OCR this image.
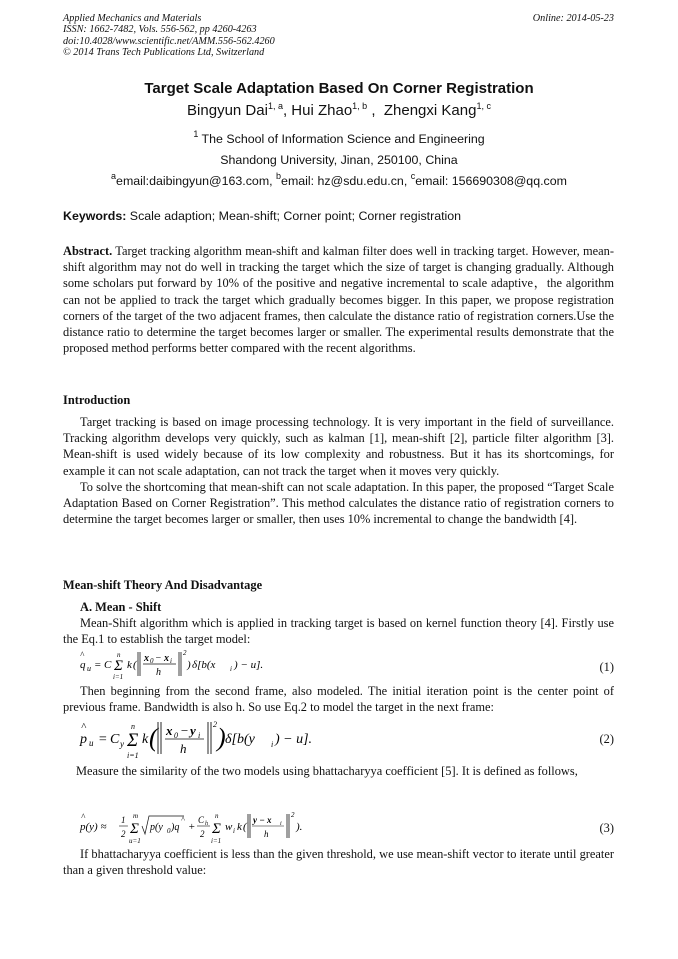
Applied Mechanics and Materials
ISSN: 1662-7482, Vols. 556-562, pp 4260-4263
doi:10.4028/www.scientific.net/AMM.556-562.4260
© 2014 Trans Tech Publications Ltd, Switzerland
Online: 2014-05-23
Target Scale Adaptation Based On Corner Registration
Bingyun Dai$^{1, a}$, Hui Zhao$^{1, b}$ ,  Zhengxi Kang$^{1, c}$
$^1$ The School of Information Science and Engineering
Shandong University, Jinan, 250100, China
$^a$email:daibingyun@163.com, $^b$email: hz@sdu.edu.cn, $^c$email: 156690308@qq.com
Keywords: Scale adaption; Mean-shift; Corner point; Corner registration

Abstract. Target tracking algorithm mean-shift and kalman filter does well in tracking target. However, mean-shift algorithm may not do well in tracking the target which the size of target is changing gradually. Although some scholars put forward by 10% of the positive and negative incremental to scale adaptive，the algorithm can not be applied to track the target which gradually becomes bigger. In this paper, we propose registration corners of the target of the two adjacent frames, then calculate the distance ratio of registration corners.Use the distance ratio to determine the target becomes larger or smaller. The experimental results demonstrate that the proposed method performs better compared with the recent algorithms.

Introduction

Target tracking is based on image processing technology. It is very important in the field of surveillance. Tracking algorithm develops very quickly, such as kalman [1], mean-shift [2], particle filter algorithm [3]. Mean-shift is used widely because of its low complexity and robustness. But it has its shortcomings, for example it can not scale adaptation, can not track the target when it moves very quickly.

To solve the shortcoming that mean-shift can not scale adaptation. In this paper, the proposed “Target Scale Adaptation Based on Corner Registration”. This method calculates the distance ratio of registration corners to determine the target becomes larger or smaller, then uses 10% incremental to change the bandwidth [4].

Mean-shift Theory And Disadvantage
A. Mean - Shift

Mean-Shift algorithm which is applied in tracking target is based on kernel function theory [4]. Firstly use the Eq.1 to establish the target model:

q
^
u = C Σ
n
i=1
k (
x 0 − x i
h
2
) δ[b(x i ) − u].	(1)

Then beginning from the second frame, also modeled. The initial iteration point is the center point of previous frame. Bandwidth is also h. So use Eq.2 to model the target in the next frame:

p
^
u = C y Σ
n
i=1
k ( x 0 − y i
h
2 ) δ[b(y i ) − u].	(2)

Measure the similarity of the two models using bhattacharyya coefficient [5]. It is defined as follows,

p(y) ≈
^	1
2 Σ
m
u=1
p(y 0 )q
^
+
C h
2 Σ
n
i=1
w i k (
y − x i
h
2
).	(3)

If bhattacharyya coefficient is less than the given threshold, we use mean-shift vector to iterate until greater than a given threshold value:
